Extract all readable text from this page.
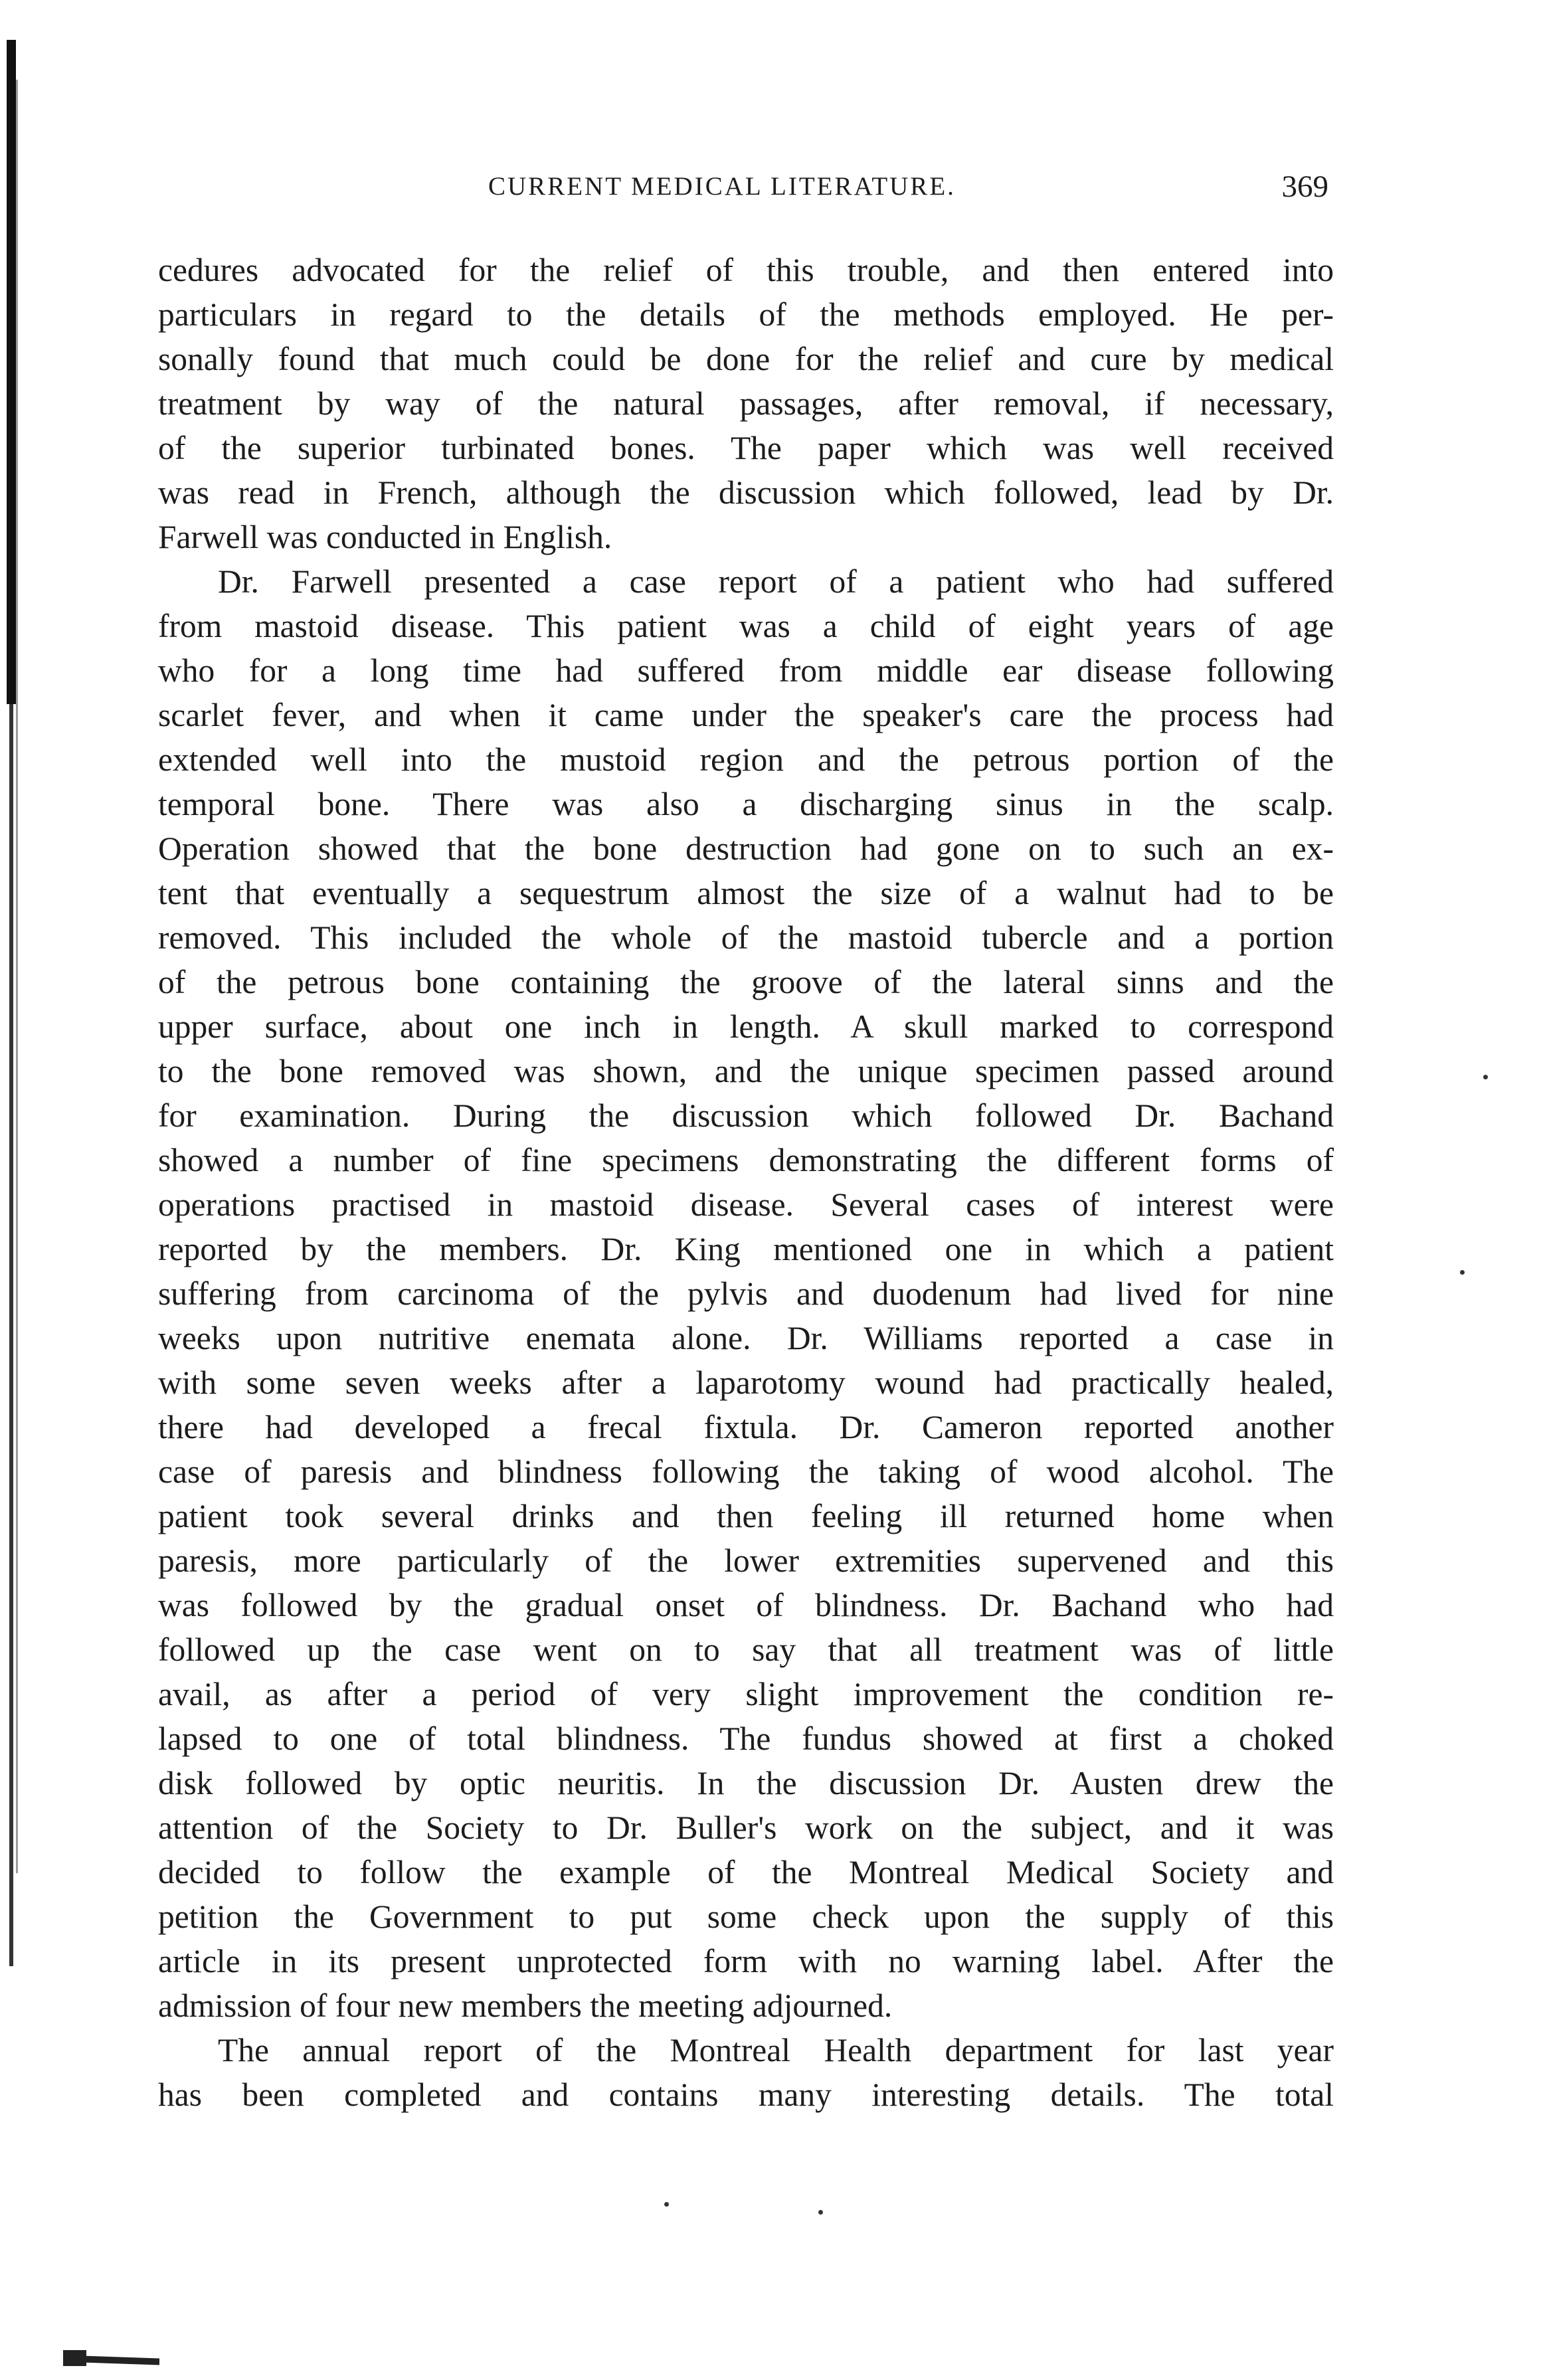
CURRENT MEDICAL LITERATURE.	369
cedures advocated for the relief of this trouble, and then entered into
particulars in regard to the details of the methods employed. He per-
sonally found that much could be done for the relief and cure by medical
treatment by way of the natural passages, after removal, if necessary,
of the superior turbinated bones. The paper which was well received
was read in French, although the discussion which followed, lead by Dr.
Farwell was conducted in English.
Dr. Farwell presented a case report of a patient who had suffered
from mastoid disease. This patient was a child of eight years of age
who for a long time had suffered from middle ear disease following
scarlet fever, and when it came under the speaker's care the process had
extended well into the mustoid region and the petrous portion of the
temporal bone. There was also a discharging sinus in the scalp.
Operation showed that the bone destruction had gone on to such an ex-
tent that eventually a sequestrum almost the size of a walnut had to be
removed. This included the whole of the mastoid tubercle and a portion
of the petrous bone containing the groove of the lateral sinns and the
upper surface, about one inch in length. A skull marked to correspond
to the bone removed was shown, and the unique specimen passed around
for examination. During the discussion which followed Dr. Bachand
showed a number of fine specimens demonstrating the different forms of
operations practised in mastoid disease. Several cases of interest were
reported by the members. Dr. King mentioned one in which a patient
suffering from carcinoma of the pylvis and duodenum had lived for nine
weeks upon nutritive enemata alone. Dr. Williams reported a case in
with some seven weeks after a laparotomy wound had practically healed,
there had developed a frecal fixtula. Dr. Cameron reported another
case of paresis and blindness following the taking of wood alcohol. The
patient took several drinks and then feeling ill returned home when
paresis, more particularly of the lower extremities supervened and this
was followed by the gradual onset of blindness. Dr. Bachand who had
followed up the case went on to say that all treatment was of little
avail, as after a period of very slight improvement the condition re-
lapsed to one of total blindness. The fundus showed at first a choked
disk followed by optic neuritis. In the discussion Dr. Austen drew the
attention of the Society to Dr. Buller's work on the subject, and it was
decided to follow the example of the Montreal Medical Society and
petition the Government to put some check upon the supply of this
article in its present unprotected form with no warning label. After the
admission of four new members the meeting adjourned.
The annual report of the Montreal Health department for last year
has been completed and contains many interesting details. The total
